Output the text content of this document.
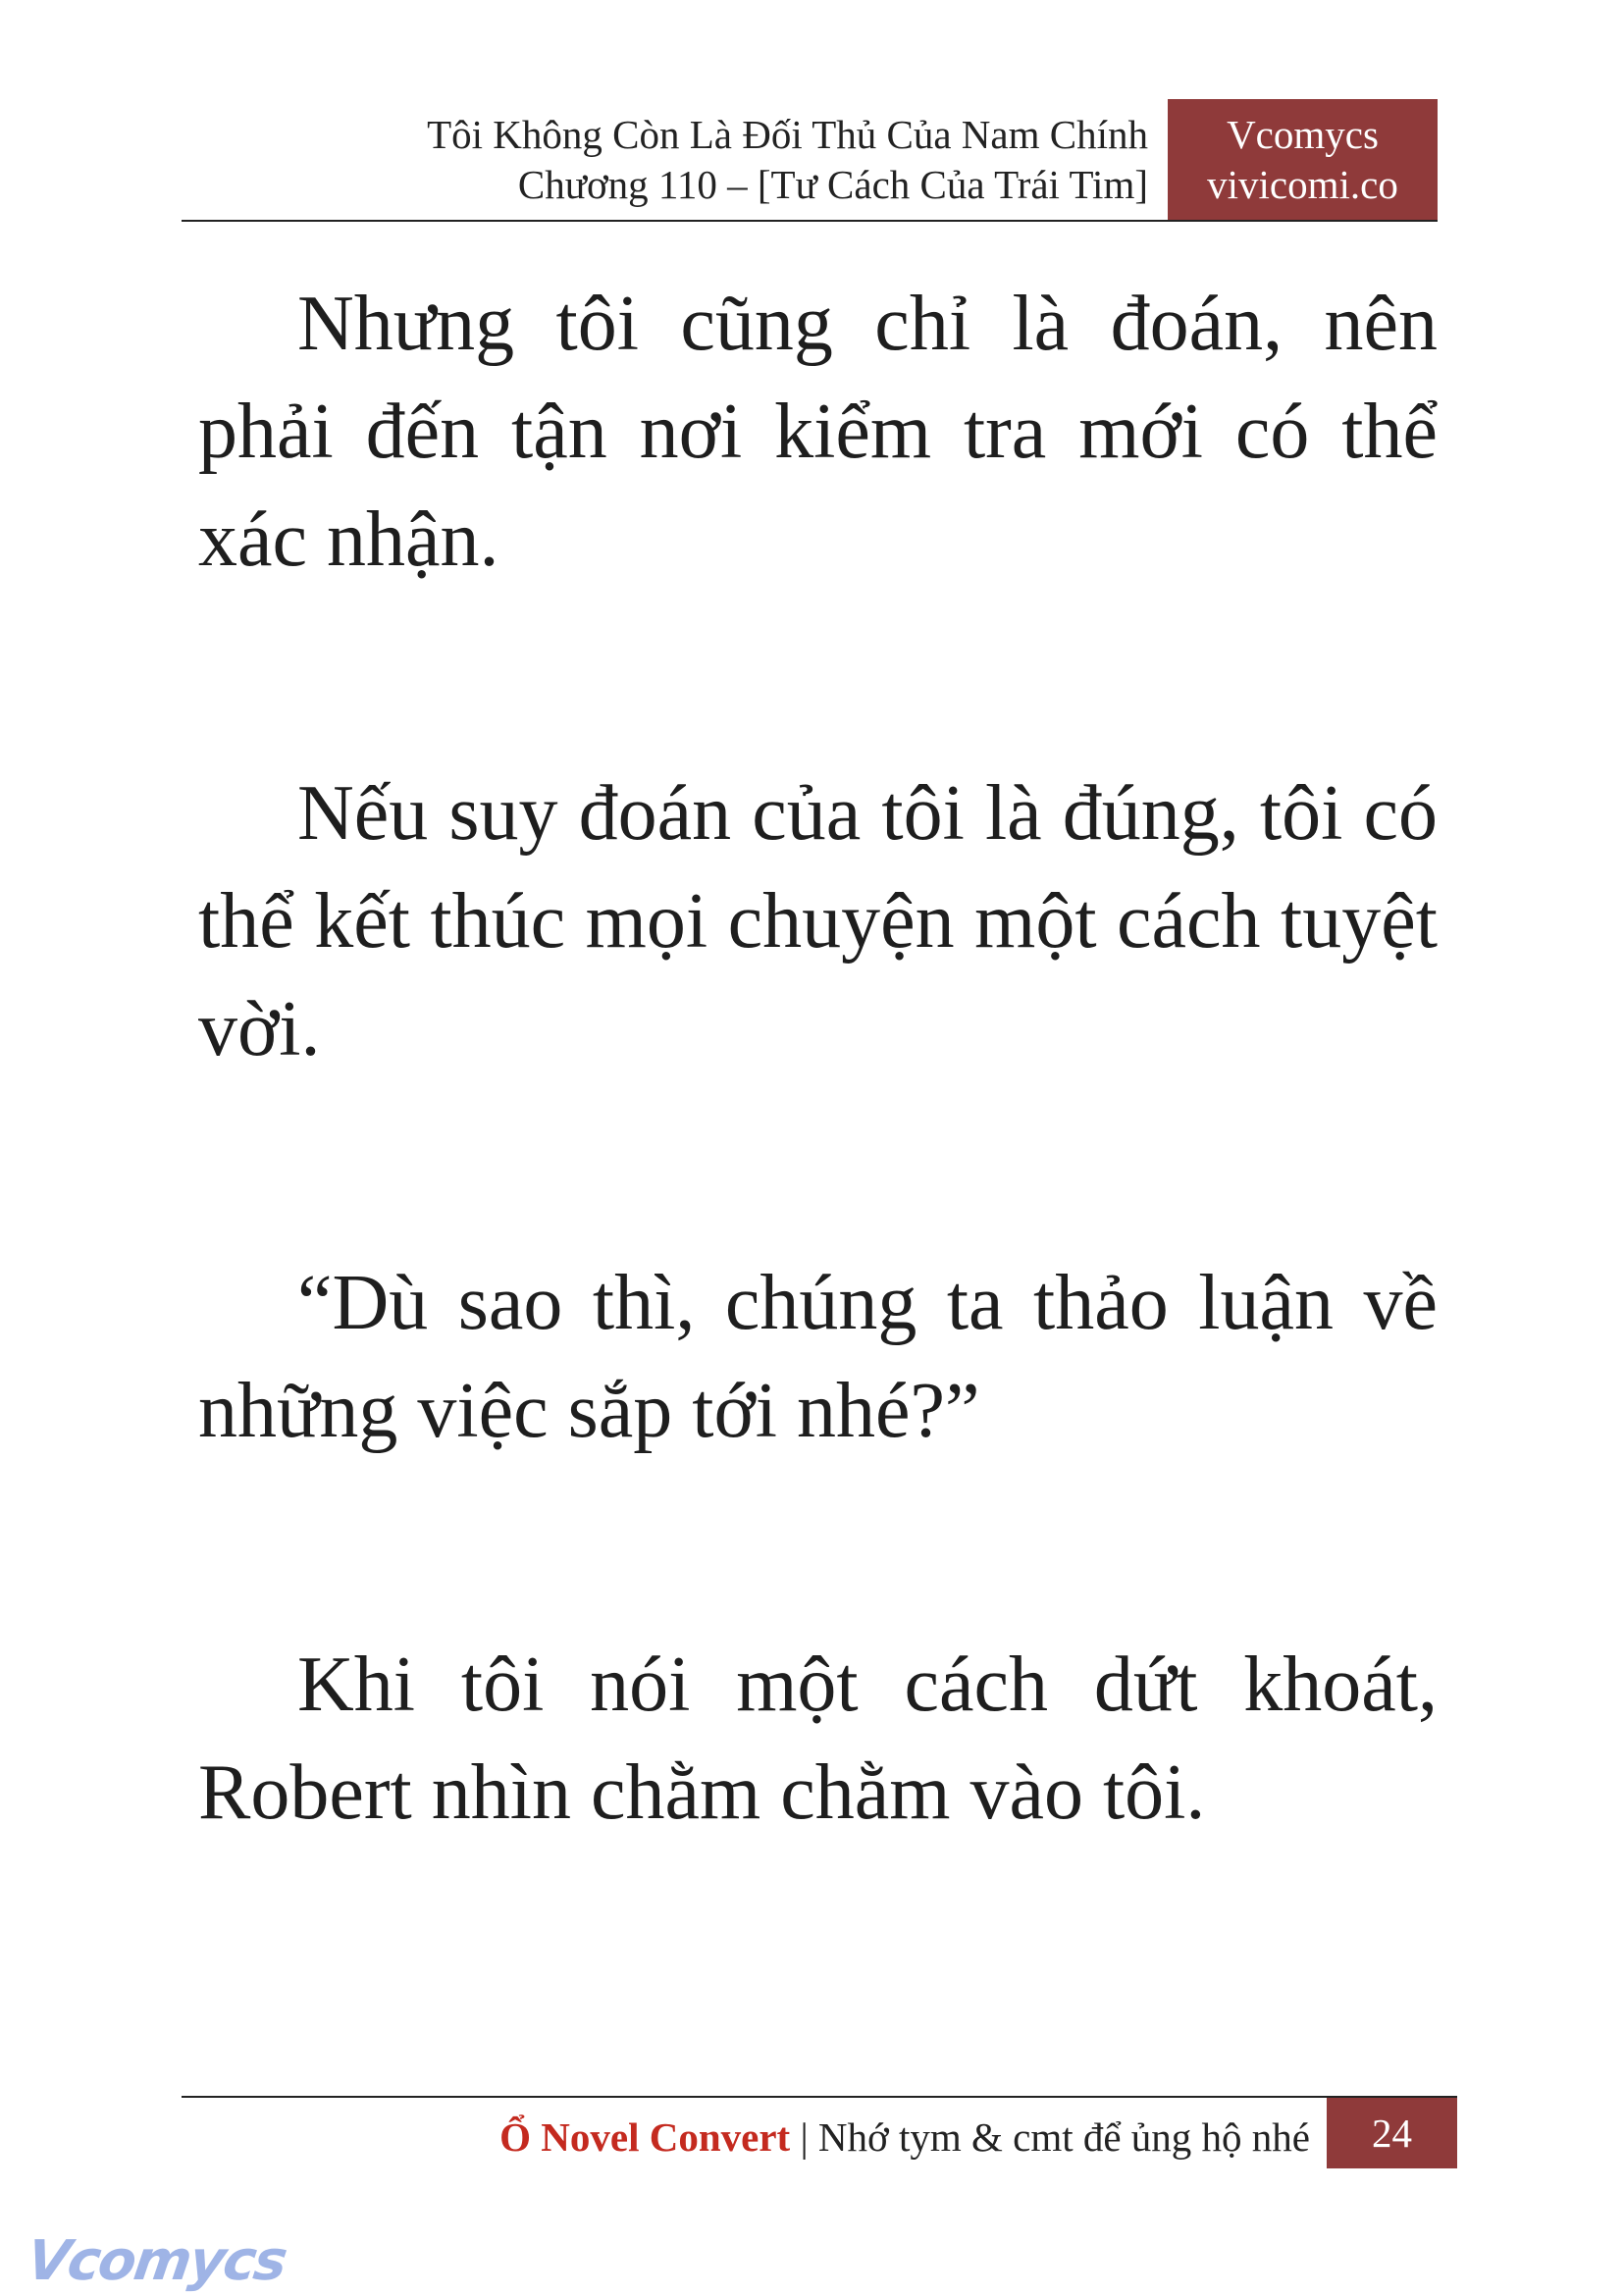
Tôi Không Còn Là Đối Thủ Của Nam Chính
Chương 110 – [Tư Cách Của Trái Tim]
Vcomycs
vivicomi.co

Nhưng tôi cũng chỉ là đoán, nên phải đến tận nơi kiểm tra mới có thể xác nhận.

Nếu suy đoán của tôi là đúng, tôi có thể kết thúc mọi chuyện một cách tuyệt vời.

“Dù sao thì, chúng ta thảo luận về những việc sắp tới nhé?”

Khi tôi nói một cách dứt khoát, Robert nhìn chằm chằm vào tôi.

Ổ Novel Convert | Nhớ tym & cmt để ủng hộ nhé	24
Vcomycs
